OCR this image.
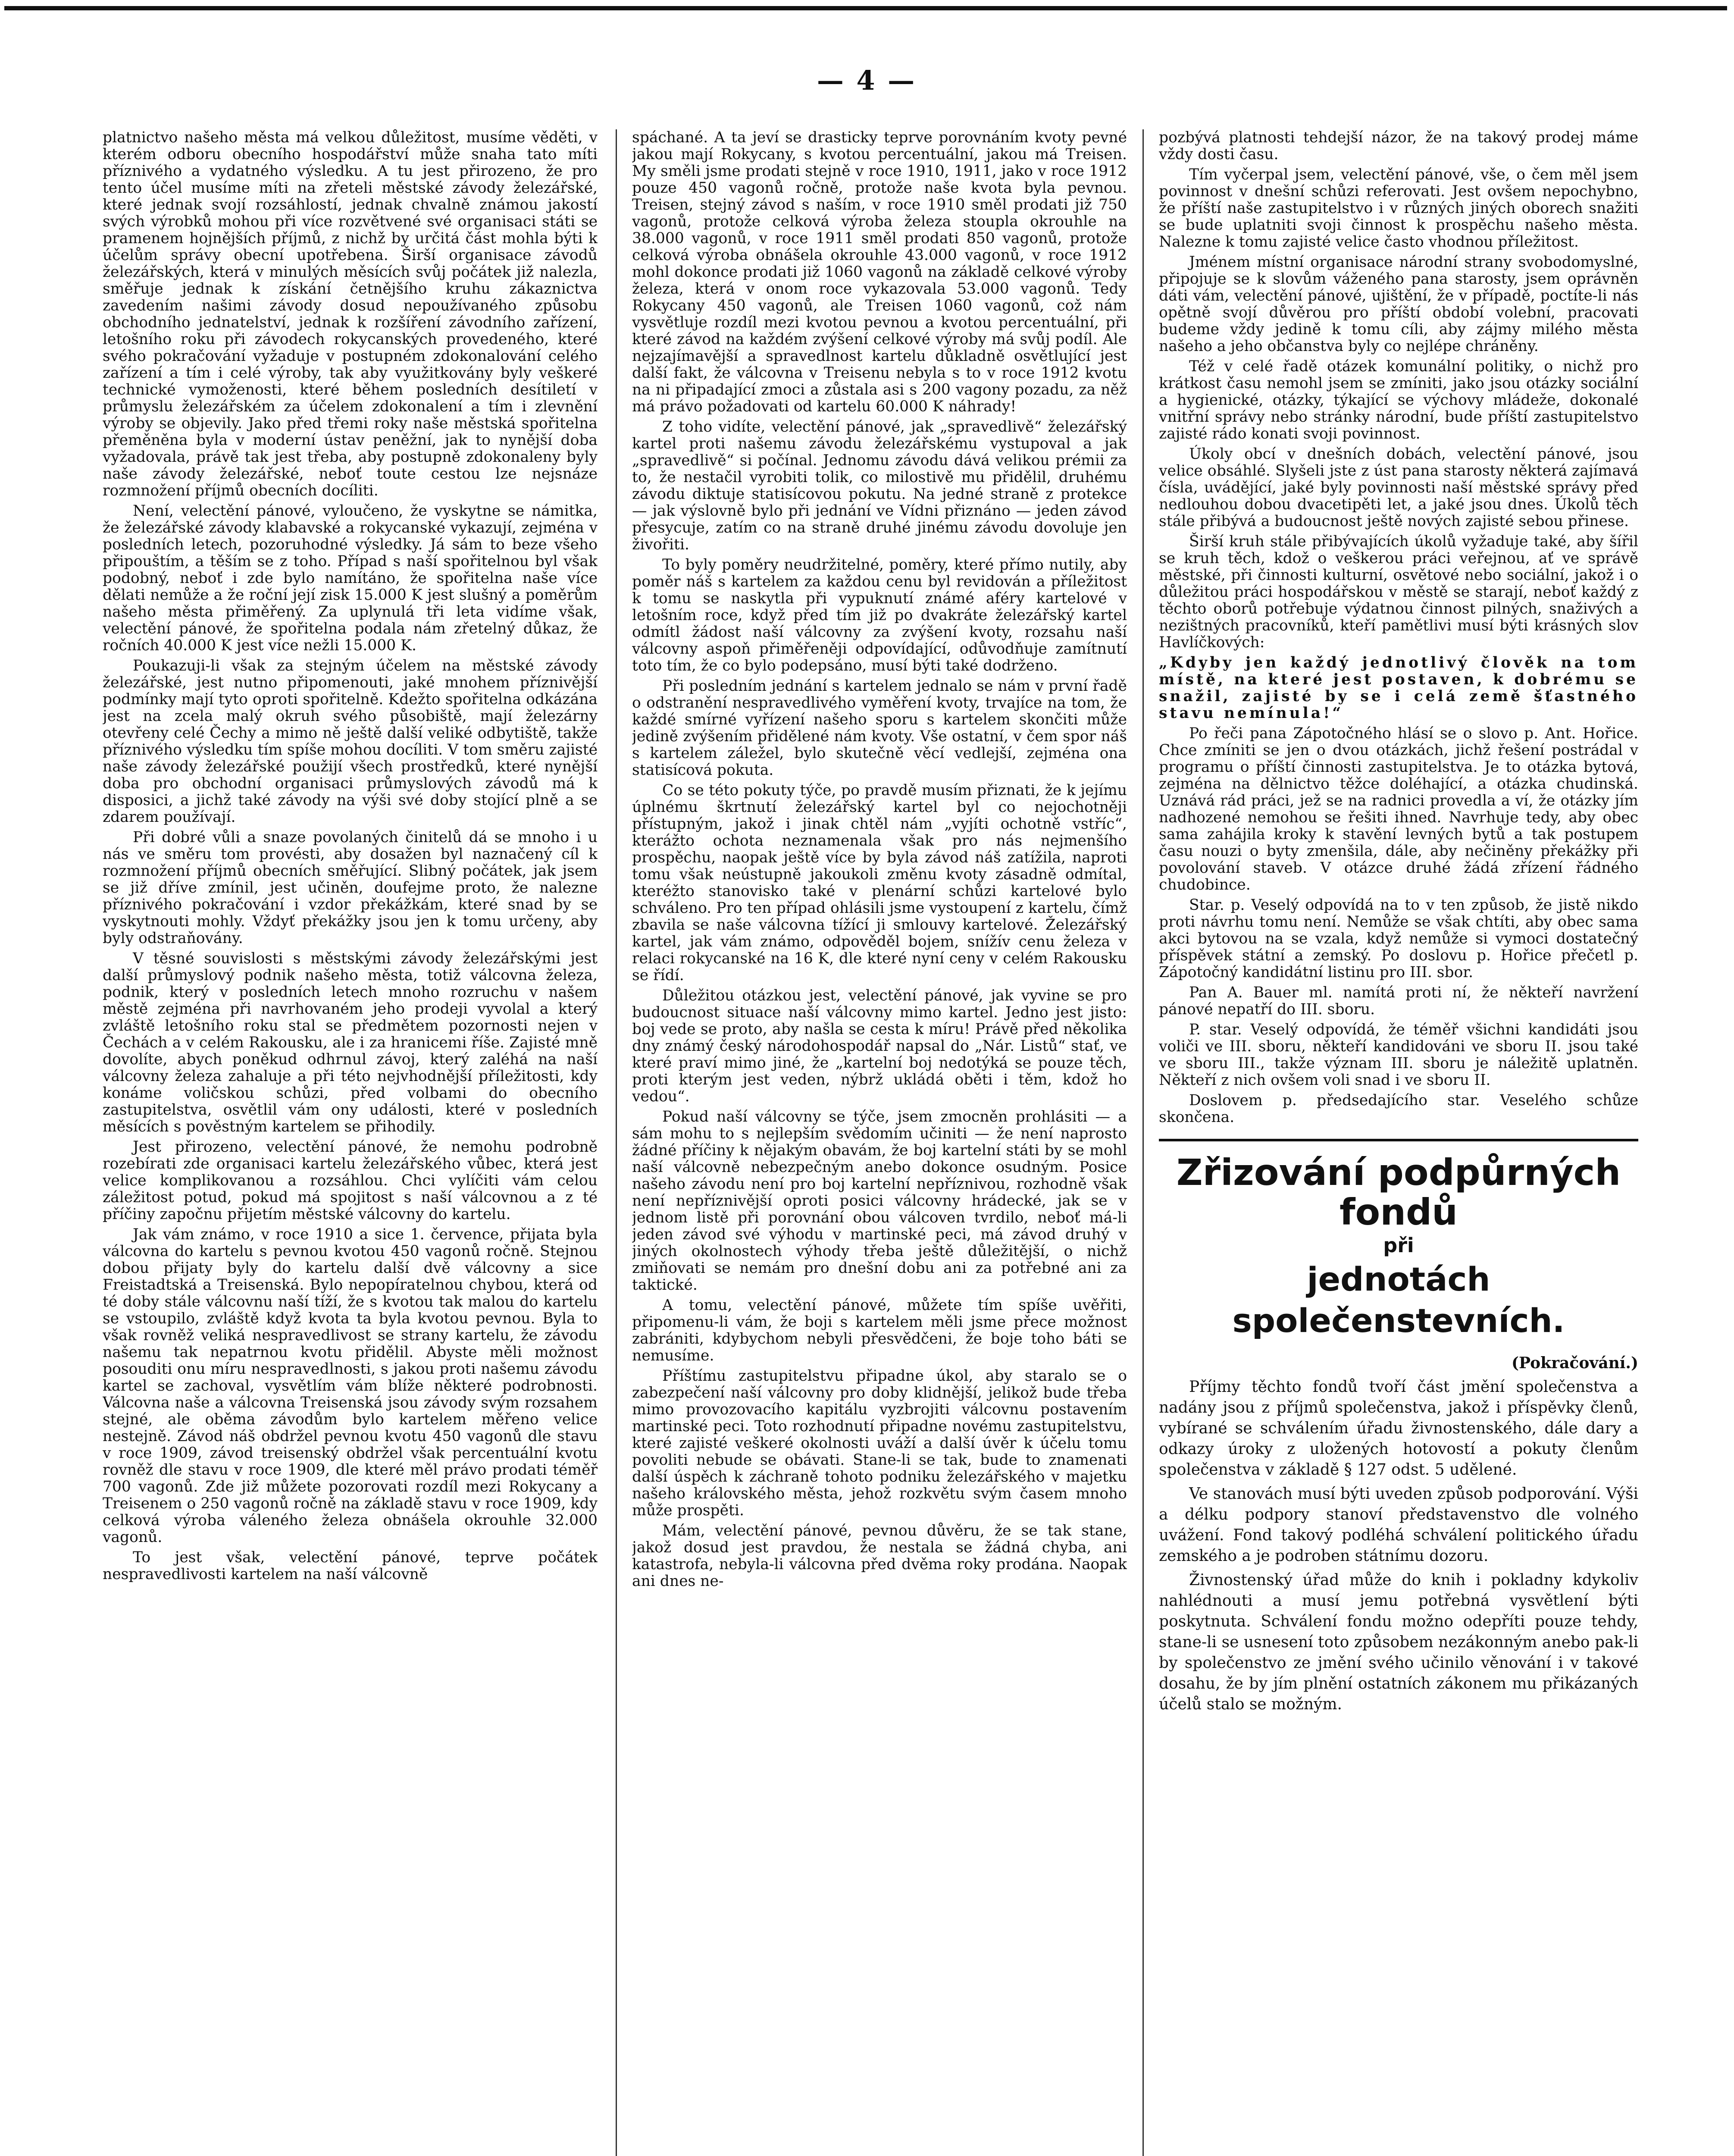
— 4 —

platnictvo našeho města má velkou důležitost, musíme věděti, v kterém odboru obecního hospodářství může snaha tato míti příznivého a vydatného výsledku. A tu jest přirozeno, že pro tento účel musíme míti na zřeteli městské závody železářské, které jednak svojí rozsáhlostí, jednak chvalně známou jakostí svých výrobků mohou při více rozvětvené své organisaci státi se pramenem hojnějších příjmů, z nichž by určitá část mohla býti k účelům správy obecní upotřebena. Širší organisace závodů železářských, která v minulých měsících svůj počátek již nalezla, směřuje jednak k získání četnějšího kruhu zákaznictva zavedením našimi závody dosud nepoužívaného způsobu obchodního jednatelství, jednak k rozšíření závodního zařízení, letošního roku při závodech rokycanských provedeného, které svého pokračování vyžaduje v postupném zdokonalování celého zařízení a tím i celé výroby, tak aby využitkovány byly veškeré technické vymoženosti, které během posledních desítiletí v průmyslu železářském za účelem zdokonalení a tím i zlevnění výroby se objevily. Jako před třemi roky naše městská spořitelna přeměněna byla v moderní ústav peněžní, jak to nynější doba vyžadovala, právě tak jest třeba, aby postupně zdokonaleny byly naše závody železářské, neboť toute cestou lze nejsnáze rozmnožení příjmů obecních docíliti.

Není, velectění pánové, vyloučeno, že vyskytne se námitka, že železářské závody klabavské a rokycanské vykazují, zejména v posledních letech, pozoruhodné výsledky. Já sám to beze všeho připouštím, a těším se z toho. Případ s naší spořitelnou byl však podobný, neboť i zde bylo namítáno, že spořitelna naše více dělati nemůže a že roční její zisk 15.000 K jest slušný a poměrům našeho města přiměřený. Za uplynulá tři leta vidíme však, velectění pánové, že spořitelna podala nám zřetelný důkaz, že ročních 40.000 K jest více nežli 15.000 K.

Poukazuji-li však za stejným účelem na městské závody železářské, jest nutno připomenouti, jaké mnohem příznivější podmínky mají tyto oproti spořitelně. Kdežto spořitelna odkázána jest na zcela malý okruh svého působiště, mají železárny otevřeny celé Čechy a mimo ně ještě další veliké odbytiště, takže příznivého výsledku tím spíše mohou docíliti. V tom směru zajisté naše závody železářské použijí všech prostředků, které nynější doba pro obchodní organisaci průmyslových závodů má k disposici, a jichž také závody na výši své doby stojící plně a se zdarem používají.

Při dobré vůli a snaze povolaných činitelů dá se mnoho i u nás ve směru tom provésti, aby dosažen byl naznačený cíl k rozmnožení příjmů obecních směřující. Slibný počátek, jak jsem se již dříve zmínil, jest učiněn, doufejme proto, že nalezne příznivého pokračování i vzdor překážkám, které snad by se vyskytnouti mohly. Vždyť překážky jsou jen k tomu určeny, aby byly odstraňovány.

V těsné souvislosti s městskými závody železářskými jest další průmyslový podnik našeho města, totiž válcovna železa, podnik, který v posledních letech mnoho rozruchu v našem městě zejména při navrhovaném jeho prodeji vyvolal a který zvláště letošního roku stal se předmětem pozornosti nejen v Čechách a v celém Rakousku, ale i za hranicemi říše. Zajisté mně dovolíte, abych poněkud odhrnul závoj, který zaléhá na naší válcovny železa zahaluje a při této nejvhodnější příležitosti, kdy konáme voličskou schůzi, před volbami do obecního zastupitelstva, osvětlil vám ony události, které v posledních měsících s pověstným kartelem se přihodily.

Jest přirozeno, velectění pánové, že nemohu podrobně rozebírati zde organisaci kartelu železářského vůbec, která jest velice komplikovanou a rozsáhlou. Chci vylíčiti vám celou záležitost potud, pokud má spojitost s naší válcovnou a z té příčiny započnu přijetím městské válcovny do kartelu.

Jak vám známo, v roce 1910 a sice 1. července, přijata byla válcovna do kartelu s pevnou kvotou 450 vagonů ročně. Stejnou dobou přijaty byly do kartelu další dvě válcovny a sice Freistadtská a Treisenská. Bylo nepopíratelnou chybou, která od té doby stále válcovnu naší tíží, že s kvotou tak malou do kartelu se vstoupilo, zvláště když kvota ta byla kvotou pevnou. Byla to však rovněž veliká nespravedlivost se strany kartelu, že závodu našemu tak nepatrnou kvotu přidělil. Abyste měli možnost posouditi onu míru nespravedlnosti, s jakou proti našemu závodu kartel se zachoval, vysvětlím vám blíže některé podrobnosti. Válcovna naše a válcovna Treisenská jsou závody svým rozsahem stejné, ale oběma závodům bylo kartelem měřeno velice nestejně. Závod náš obdržel pevnou kvotu 450 vagonů dle stavu v roce 1909, závod treisenský obdržel však percentuální kvotu rovněž dle stavu v roce 1909, dle které měl právo prodati téměř 700 vagonů. Zde již můžete pozorovati rozdíl mezi Rokycany a Treisenem o 250 vagonů ročně na základě stavu v roce 1909, kdy celková výroba váleného železa obnášela okrouhle 32.000 vagonů.

To jest však, velectění pánové, teprve počátek nespravedlivosti kartelem na naší válcovně

spáchané. A ta jeví se drasticky teprve porovnáním kvoty pevné jakou mají Rokycany, s kvotou percentuální, jakou má Treisen. My směli jsme prodati stejně v roce 1910, 1911, jako v roce 1912 pouze 450 vagonů ročně, protože naše kvota byla pevnou. Treisen, stejný závod s naším, v roce 1910 směl prodati již 750 vagonů, protože celková výroba železa stoupla okrouhle na 38.000 vagonů, v roce 1911 směl prodati 850 vagonů, protože celková výroba obnášela okrouhle 43.000 vagonů, v roce 1912 mohl dokonce prodati již 1060 vagonů na základě celkové výroby železa, která v onom roce vykazovala 53.000 vagonů. Tedy Rokycany 450 vagonů, ale Treisen 1060 vagonů, což nám vysvětluje rozdíl mezi kvotou pevnou a kvotou percentuální, při které závod na každém zvýšení celkové výroby má svůj podíl. Ale nejzajímavější a spravedlnost kartelu důkladně osvětlující jest další fakt, že válcovna v Treisenu nebyla s to v roce 1912 kvotu na ni připadající zmoci a zůstala asi s 200 vagony pozadu, za něž má právo požadovati od kartelu 60.000 K náhrady!

Z toho vidíte, velectění pánové, jak „spravedlivě“ železářský kartel proti našemu závodu železářskému vystupoval a jak „spravedlivě“ si počínal. Jednomu závodu dává velikou prémii za to, že nestačil vyrobiti tolik, co milostivě mu přidělil, druhému závodu diktuje statisícovou pokutu. Na jedné straně z protekce — jak výslovně bylo při jednání ve Vídni přiznáno — jeden závod přesycuje, zatím co na straně druhé jinému závodu dovoluje jen živořiti.

To byly poměry neudržitelné, poměry, které přímo nutily, aby poměr náš s kartelem za každou cenu byl revidován a příležitost k tomu se naskytla při vypuknutí známé aféry kartelové v letošním roce, když před tím již po dvakráte železářský kartel odmítl žádost naší válcovny za zvýšení kvoty, rozsahu naší válcovny aspoň přiměřeněji odpovídající, odůvodňuje zamítnutí toto tím, že co bylo podepsáno, musí býti také dodrženo.

Při posledním jednání s kartelem jednalo se nám v první řadě o odstranění nespravedlivého vyměření kvoty, trvajíce na tom, že každé smírné vyřízení našeho sporu s kartelem skončiti může jedině zvýšením přidělené nám kvoty. Vše ostatní, v čem spor náš s kartelem záležel, bylo skutečně věcí vedlejší, zejména ona statisícová pokuta.

Co se této pokuty týče, po pravdě musím přiznati, že k jejímu úplnému škrtnutí železářský kartel byl co nejochotněji přístupným, jakož i jinak chtěl nám „vyjíti ochotně vstříc“, kterážto ochota neznamenala však pro nás nejmenšího prospěchu, naopak ještě více by byla závod náš zatížila, naproti tomu však neústupně jakoukoli změnu kvoty zásadně odmítal, kteréžto stanovisko také v plenární schůzi kartelové bylo schváleno. Pro ten případ ohlásili jsme vystoupení z kartelu, čímž zbavila se naše válcovna tížící ji smlouvy kartelové. Železářský kartel, jak vám známo, odpověděl bojem, snížív cenu železa v relaci rokycanské na 16 K, dle které nyní ceny v celém Rakousku se řídí.

Důležitou otázkou jest, velectění pánové, jak vyvine se pro budoucnost situace naší válcovny mimo kartel. Jedno jest jisto: boj vede se proto, aby našla se cesta k míru! Právě před několika dny známý český národohospodář napsal do „Nár. Listů“ stať, ve které praví mimo jiné, že „kartelní boj nedotýká se pouze těch, proti kterým jest veden, nýbrž ukládá oběti i těm, kdož ho vedou“.

Pokud naší válcovny se týče, jsem zmocněn prohlásiti — a sám mohu to s nejlepším svědomím učiniti — že není naprosto žádné příčiny k nějakým obavám, že boj kartelní státi by se mohl naší válcovně nebezpečným anebo dokonce osudným. Posice našeho závodu není pro boj kartelní nepříznivou, rozhodně však není nepříznivější oproti posici válcovny hrádecké, jak se v jednom listě při porovnání obou válcoven tvrdilo, neboť má-li jeden závod své výhodu v martinské peci, má závod druhý v jiných okolnostech výhody třeba ještě důležitější, o nichž zmiňovati se nemám pro dnešní dobu ani za potřebné ani za taktické.

A tomu, velectění pánové, můžete tím spíše uvěřiti, připomenu-li vám, že boji s kartelem měli jsme přece možnost zabrániti, kdybychom nebyli přesvědčeni, že boje toho báti se nemusíme.

Příštímu zastupitelstvu připadne úkol, aby staralo se o zabezpečení naší válcovny pro doby klidnější, jelikož bude třeba mimo provozovacího kapitálu vyzbrojiti válcovnu postavením martinské peci. Toto rozhodnutí připadne novému zastupitelstvu, které zajisté veškeré okolnosti uváží a další úvěr k účelu tomu povoliti nebude se obávati. Stane-li se tak, bude to znamenati další úspěch k záchraně tohoto podniku železářského v majetku našeho královského města, jehož rozkvětu svým časem mnoho může prospěti.

Mám, velectění pánové, pevnou důvěru, že se tak stane, jakož dosud jest pravdou, že nestala se žádná chyba, ani katastrofa, nebyla-li válcovna před dvěma roky prodána. Naopak ani dnes ne-

pozbývá platnosti tehdejší názor, že na takový prodej máme vždy dosti času.

Tím vyčerpal jsem, velectění pánové, vše, o čem měl jsem povinnost v dnešní schůzi referovati. Jest ovšem nepochybno, že příští naše zastupitelstvo i v různých jiných oborech snažiti se bude uplatniti svoji činnost k prospěchu našeho města. Nalezne k tomu zajisté velice často vhodnou příležitost.

Jménem místní organisace národní strany svobodomyslné, připojuje se k slovům váženého pana starosty, jsem oprávněn dáti vám, velectění pánové, ujištění, že v případě, poctíte-li nás opětně svojí důvěrou pro příští období volební, pracovati budeme vždy jedině k tomu cíli, aby zájmy milého města našeho a jeho občanstva byly co nejlépe chráněny.

Též v celé řadě otázek komunální politiky, o nichž pro krátkost času nemohl jsem se zmíniti, jako jsou otázky sociální a hygienické, otázky, týkající se výchovy mládeže, dokonalé vnitřní správy nebo stránky národní, bude příští zastupitelstvo zajisté rádo konati svoji povinnost.

Úkoly obcí v dnešních dobách, velectění pánové, jsou velice obsáhlé. Slyšeli jste z úst pana starosty některá zajímavá čísla, uvádějící, jaké byly povinnosti naší městské správy před nedlouhou dobou dvacetipěti let, a jaké jsou dnes. Úkolů těch stále přibývá a budoucnost ještě nových zajisté sebou přinese.

Širší kruh stále přibývajících úkolů vyžaduje také, aby šířil se kruh těch, kdož o veškerou práci veřejnou, ať ve správě městské, při činnosti kulturní, osvětové nebo sociální, jakož i o důležitou práci hospodářskou v městě se starají, neboť každý z těchto oborů potřebuje výdatnou činnost pilných, snaživých a nezištných pracovníků, kteří pamětlivi musí býti krásných slov Havlíčkových:

„Kdyby jen každý jednotlivý člověk na tom místě, na které jest postaven, k dobrému se snažil, zajisté by se i celá země šťastného stavu nemínula!“

Po řeči pana Zápotočného hlásí se o slovo p. Ant. Hořice. Chce zmíniti se jen o dvou otázkách, jichž řešení postrádal v programu o příští činnosti zastupitelstva. Je to otázka bytová, zejména na dělnictvo těžce doléhající, a otázka chudinská. Uznává rád práci, jež se na radnici provedla a ví, že otázky jím nadhozené nemohou se řešiti ihned. Navrhuje tedy, aby obec sama zahájila kroky k stavění levných bytů a tak postupem času nouzi o byty zmenšila, dále, aby nečiněny překážky při povolování staveb. V otázce druhé žádá zřízení řádného chudobince.

Star. p. Veselý odpovídá na to v ten způsob, že jistě nikdo proti návrhu tomu není. Nemůže se však chtíti, aby obec sama akci bytovou na se vzala, když nemůže si vymoci dostatečný příspěvek státní a zemský. Po doslovu p. Hořice přečetl p. Zápotočný kandidátní listinu pro III. sbor.

Pan A. Bauer ml. namítá proti ní, že někteří navržení pánové nepatří do III. sboru.

P. star. Veselý odpovídá, že téměř všichni kandidáti jsou voliči ve III. sboru, někteří kandidováni ve sboru II. jsou také ve sboru III., takže význam III. sboru je náležitě uplatněn. Někteří z nich ovšem voli snad i ve sboru II.

Doslovem p. předsedajícího star. Veselého schůze skončena.

Zřizování podpůrných fondů
při
jednotách společenstevních.

(Pokračování.)

Příjmy těchto fondů tvoří část jmění společenstva a nadány jsou z příjmů společenstva, jakož i příspěvky členů, vybírané se schválením úřadu živnostenského, dále dary a odkazy úroky z uložených hotovostí a pokuty členům společenstva v základě § 127 odst. 5 udělené.

Ve stanovách musí býti uveden způsob podporování. Výši a délku podpory stanoví představenstvo dle volného uvážení. Fond takový podléhá schválení politického úřadu zemského a je podroben státnímu dozoru.

Živnostenský úřad může do knih i pokladny kdykoliv nahlédnouti a musí jemu potřebná vysvětlení býti poskytnuta. Schválení fondu možno odepříti pouze tehdy, stane-li se usnesení toto způsobem nezákonným anebo pak-li by společenstvo ze jmění svého učinilo věnování i v takové dosahu, že by jím plnění ostatních zákonem mu přikázaných účelů stalo se možným.
